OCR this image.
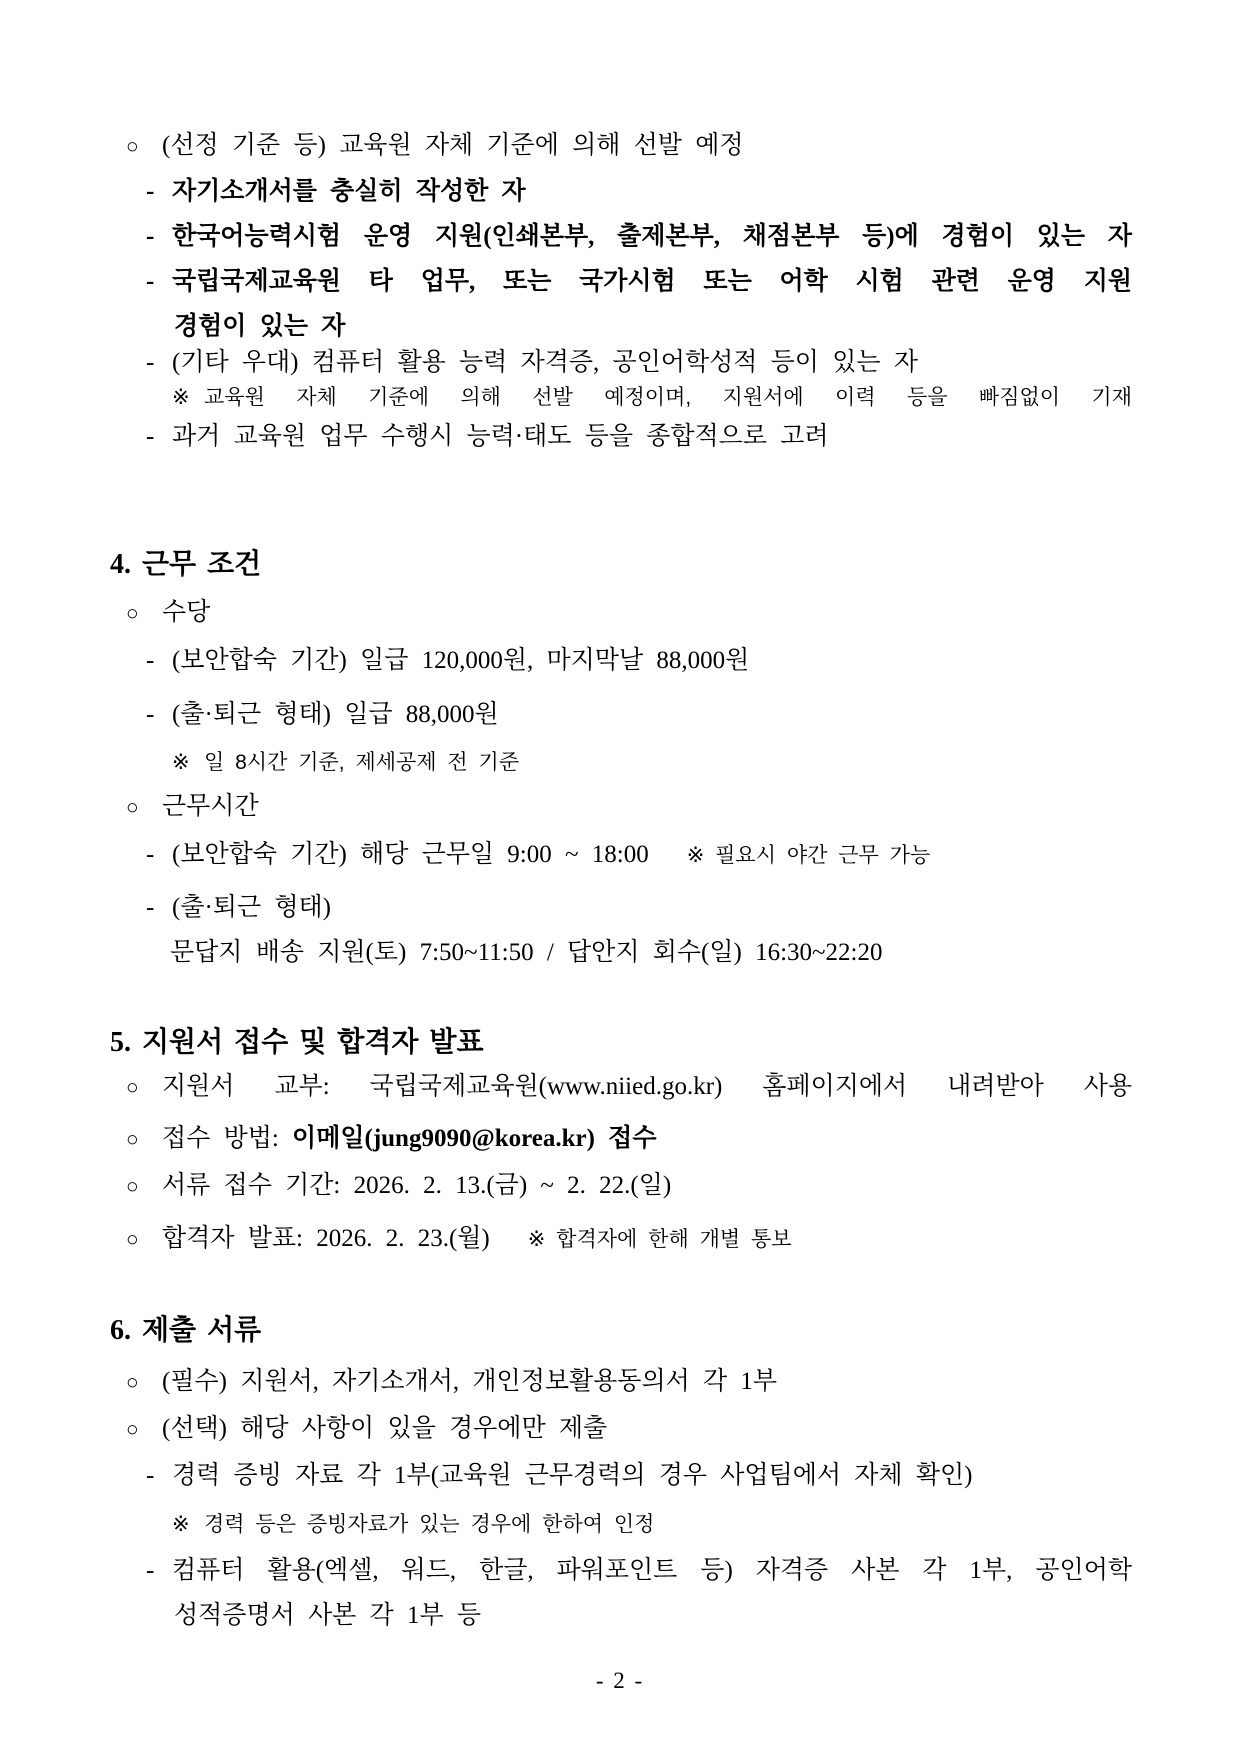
○ (선정 기준 등) 교육원 자체 기준에 의해 선발 예정
- 자기소개서를 충실히 작성한 자
- 한국어능력시험 운영 지원(인쇄본부, 출제본부, 채점본부 등)에 경험이 있는 자
- 국립국제교육원 타 업무, 또는 국가시험 또는 어학 시험 관련 운영 지원
경험이 있는 자
- (기타 우대) 컴퓨터 활용 능력 자격증, 공인어학성적 등이 있는 자
※ 교육원 자체 기준에 의해 선발 예정이며, 지원서에 이력 등을 빠짐없이 기재
- 과거 교육원 업무 수행시 능력·태도 등을 종합적으로 고려
4. 근무 조건
○ 수당
- (보안합숙 기간) 일급 120,000원, 마지막날 88,000원
- (출·퇴근 형태) 일급 88,000원
※ 일 8시간 기준, 제세공제 전 기준
○ 근무시간
- (보안합숙 기간) 해당 근무일 9:00 ~ 18:00 ※ 필요시 야간 근무 가능
- (출·퇴근 형태)
문답지 배송 지원(토) 7:50~11:50 / 답안지 회수(일) 16:30~22:20
5. 지원서 접수 및 합격자 발표
○ 지원서 교부: 국립국제교육원(www.niied.go.kr) 홈페이지에서 내려받아 사용
○ 접수 방법: 이메일(jung9090@korea.kr) 접수
○ 서류 접수 기간: 2026. 2. 13.(금) ~ 2. 22.(일)
○ 합격자 발표: 2026. 2. 23.(월) ※ 합격자에 한해 개별 통보
6. 제출 서류
○ (필수) 지원서, 자기소개서, 개인정보활용동의서 각 1부
○ (선택) 해당 사항이 있을 경우에만 제출
- 경력 증빙 자료 각 1부(교육원 근무경력의 경우 사업팀에서 자체 확인)
※ 경력 등은 증빙자료가 있는 경우에 한하여 인정
- 컴퓨터 활용(엑셀, 워드, 한글, 파워포인트 등) 자격증 사본 각 1부, 공인어학
성적증명서 사본 각 1부 등
- 2 -
